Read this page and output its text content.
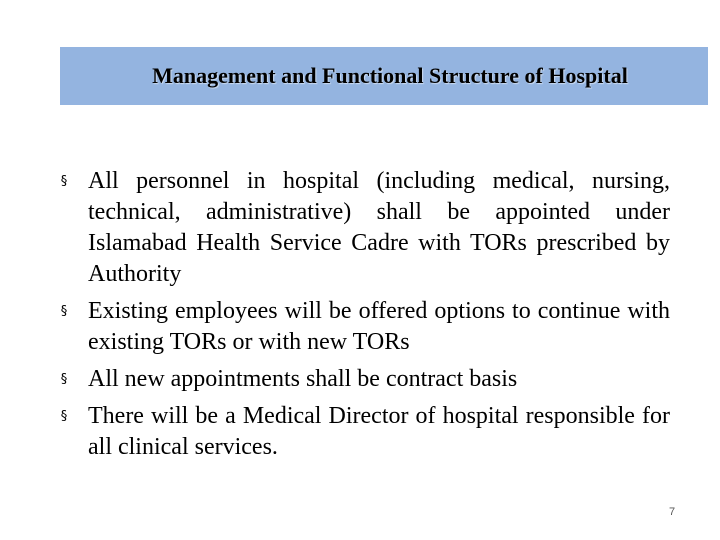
Management and Functional Structure of Hospital
§ All personnel in hospital (including medical, nursing, technical, administrative) shall be appointed under Islamabad Health Service Cadre with TORs prescribed by Authority

§ Existing employees will be offered options to continue with existing TORs or with new TORs

§ All new appointments shall be contract basis

§ There will be a Medical Director of hospital responsible for all clinical services.

7
